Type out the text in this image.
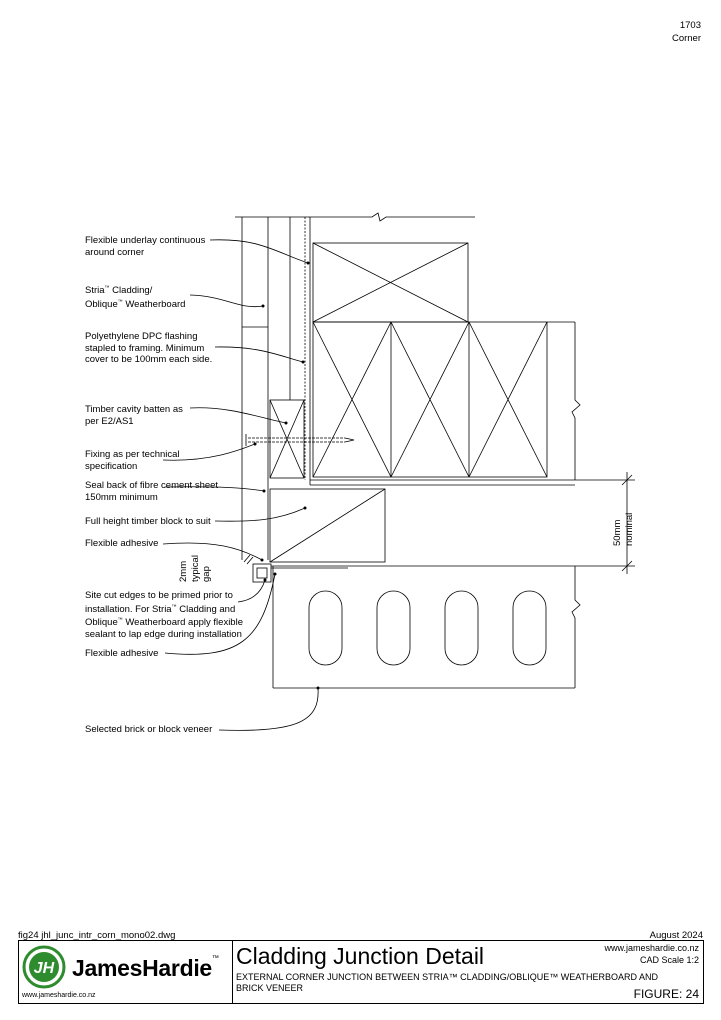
1703
Corner
Flexible underlay continuous
around corner
Stria™ Cladding/
Oblique™ Weatherboard
Polyethylene DPC flashing
stapled to framing. Minimum
cover to be 100mm each side.
Timber cavity batten as
per E2/AS1
Fixing as per technical
specification
Seal back of fibre cement sheet
150mm minimum
Full height timber block to suit
Flexible adhesive
2mm typical gap
Site cut edges to be primed prior to
installation. For Stria™ Cladding and
Oblique™ Weatherboard apply flexible
sealant to lap edge during installation
Flexible adhesive
Selected brick or block veneer
50mm nominal
fig24 jhl_junc_intr_corn_mono02.dwg	August 2024
JH JamesHardie™
www.jameshardie.co.nz
Cladding Junction Detail
EXTERNAL CORNER JUNCTION BETWEEN STRIA™ CLADDING/OBLIQUE™ WEATHERBOARD AND BRICK VENEER
www.jameshardie.co.nz
CAD Scale 1:2
FIGURE: 24
